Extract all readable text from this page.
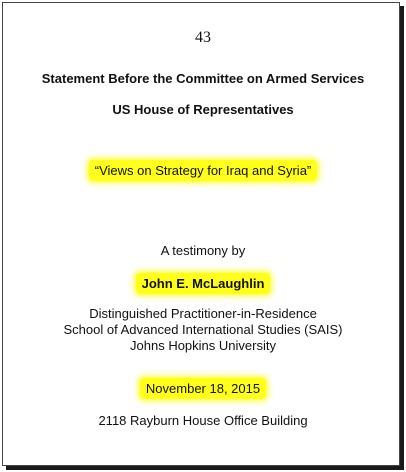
43
Statement Before the Committee on Armed Services
US House of Representatives
“Views on Strategy for Iraq and Syria”
A testimony by
John E. McLaughlin
Distinguished Practitioner-in-Residence
School of Advanced International Studies (SAIS)
Johns Hopkins University
November 18, 2015
2118 Rayburn House Office Building
